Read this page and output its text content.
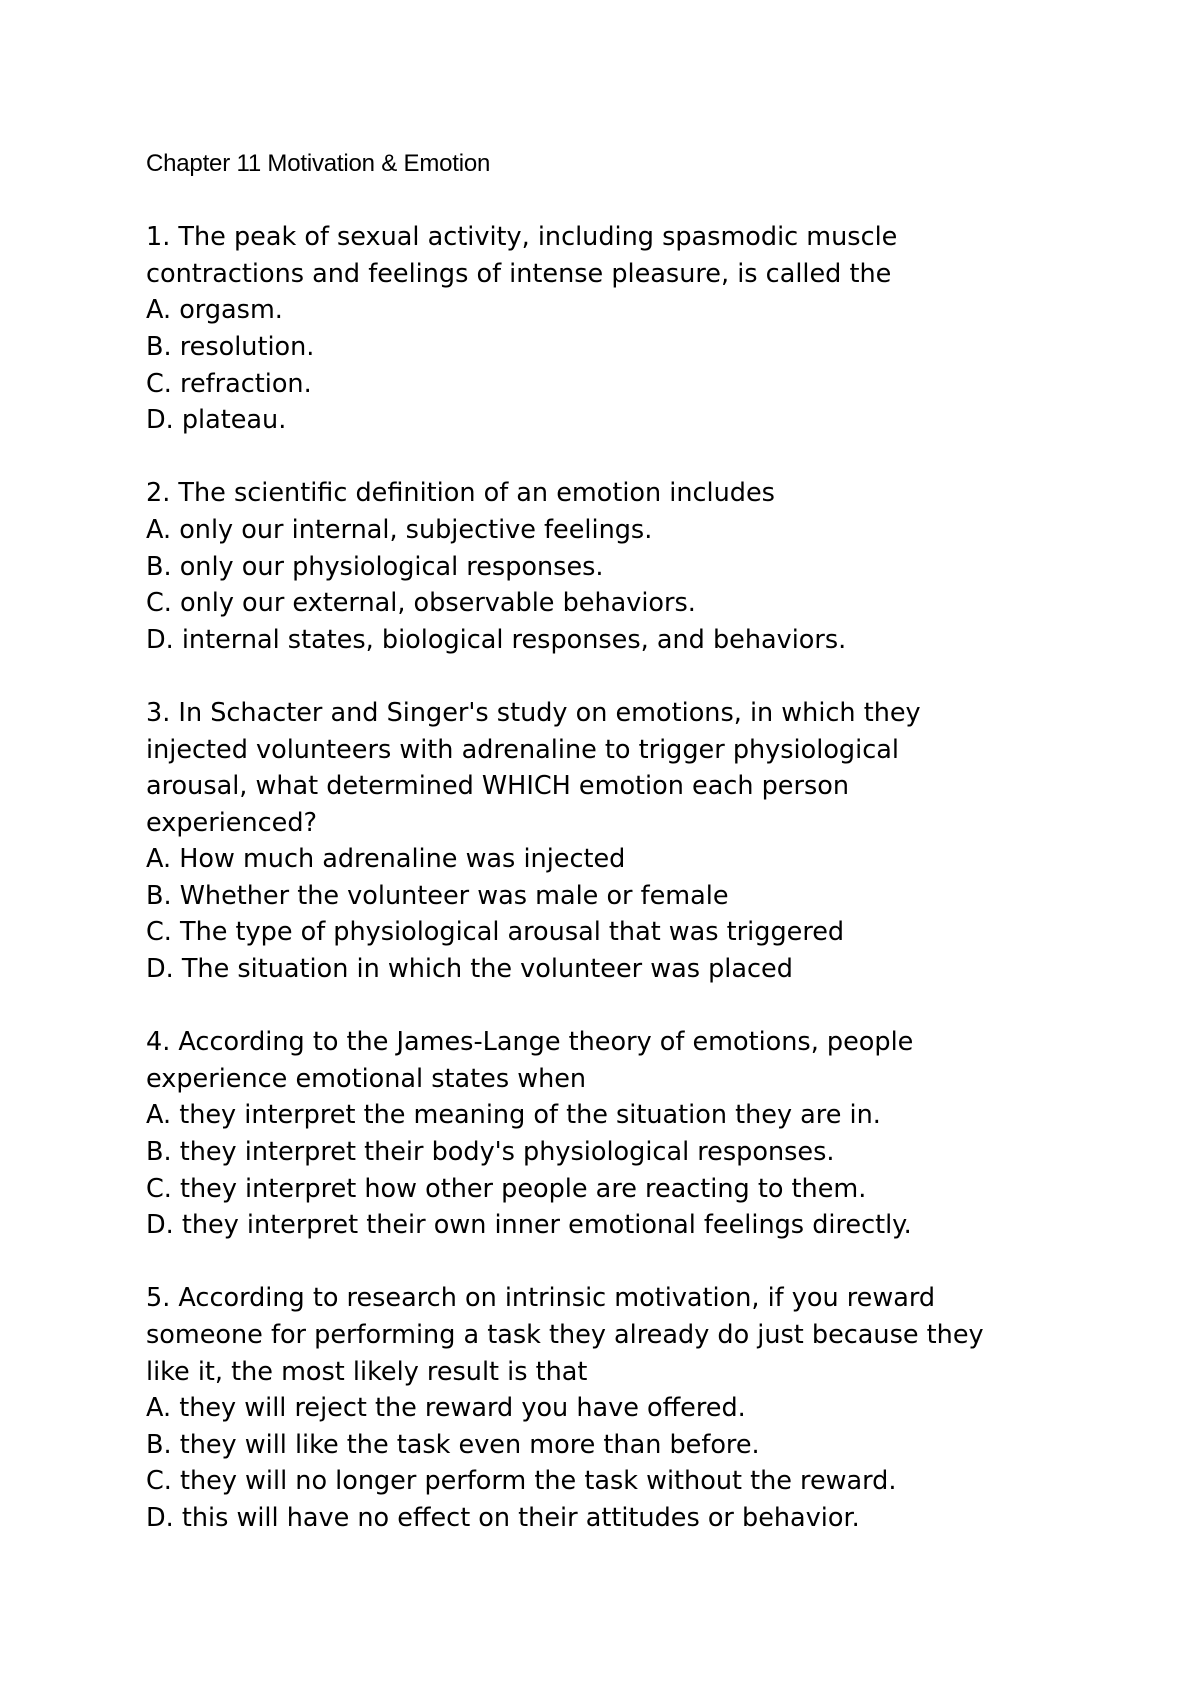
Chapter 11 Motivation & Emotion
1. The peak of sexual activity, including spasmodic muscle
contractions and feelings of intense pleasure, is called the
A. orgasm.
B. resolution.
C. refraction.
D. plateau.
2. The scientific definition of an emotion includes
A. only our internal, subjective feelings.
B. only our physiological responses.
C. only our external, observable behaviors.
D. internal states, biological responses, and behaviors.
3. In Schacter and Singer's study on emotions, in which they
injected volunteers with adrenaline to trigger physiological
arousal, what determined WHICH emotion each person
experienced?
A. How much adrenaline was injected
B. Whether the volunteer was male or female
C. The type of physiological arousal that was triggered
D. The situation in which the volunteer was placed
4. According to the James-Lange theory of emotions, people
experience emotional states when
A. they interpret the meaning of the situation they are in.
B. they interpret their body's physiological responses.
C. they interpret how other people are reacting to them.
D. they interpret their own inner emotional feelings directly.
5. According to research on intrinsic motivation, if you reward
someone for performing a task they already do just because they
like it, the most likely result is that
A. they will reject the reward you have offered.
B. they will like the task even more than before.
C. they will no longer perform the task without the reward.
D. this will have no effect on their attitudes or behavior.
